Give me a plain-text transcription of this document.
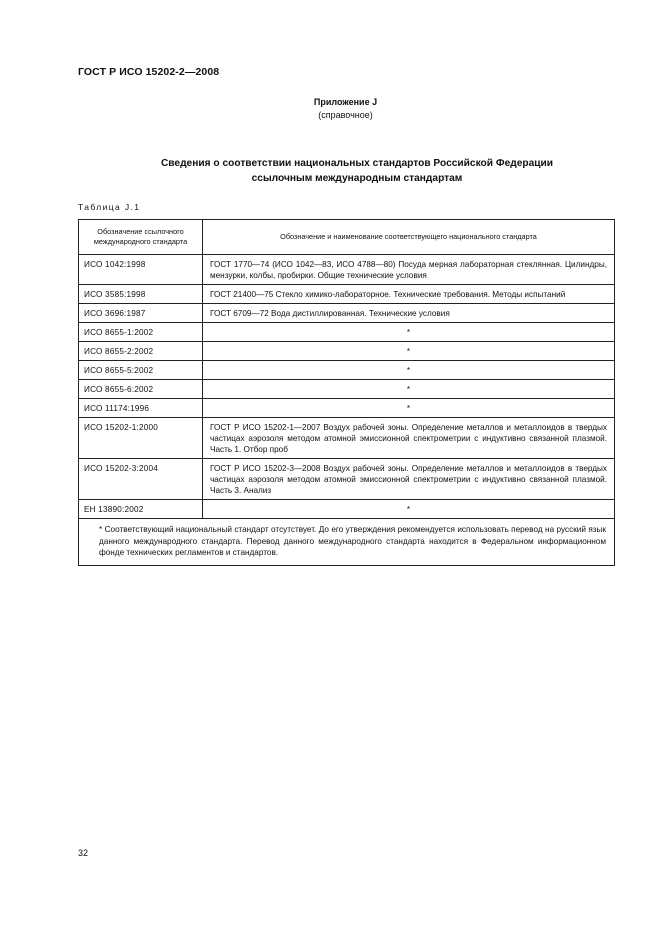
ГОСТ Р ИСО 15202-2—2008
Приложение J
(справочное)
Сведения о соответствии национальных стандартов Российской Федерации
ссылочным международным стандартам
Таблица J.1
Обозначение ссылочного международного стандарта	Обозначение и наименование соответствующего национального стандарта
ИСО 1042:1998	ГОСТ 1770—74 (ИСО 1042—83, ИСО 4788—80) Посуда мерная лабораторная стеклянная. Цилиндры, мензурки, колбы, пробирки. Общие технические условия
ИСО 3585:1998	ГОСТ 21400—75 Стекло химико-лабораторное. Технические требования. Методы испытаний
ИСО 3696:1987	ГОСТ 6709—72 Вода дистиллированная. Технические условия
ИСО 8655-1:2002	*
ИСО 8655-2:2002	*
ИСО 8655-5:2002	*
ИСО 8655-6:2002	*
ИСО 11174:1996	*
ИСО 15202-1:2000	ГОСТ Р ИСО 15202-1—2007 Воздух рабочей зоны. Определение металлов и металлоидов в твердых частицах аэрозоля методом атомной эмиссионной спектрометрии с индуктивно связанной плазмой. Часть 1. Отбор проб
ИСО 15202-3:2004	ГОСТ Р ИСО 15202-3—2008 Воздух рабочей зоны. Определение металлов и металлоидов в твердых частицах аэрозоля методом атомной эмиссионной спектрометрии с индуктивно связанной плазмой. Часть 3. Анализ
ЕН 13890:2002	*

* Соответствующий национальный стандарт отсутствует. До его утверждения рекомендуется использовать перевод на русский язык данного международного стандарта. Перевод данного международного стандарта находится в Федеральном информационном фонде технических регламентов и стандартов.	
32
